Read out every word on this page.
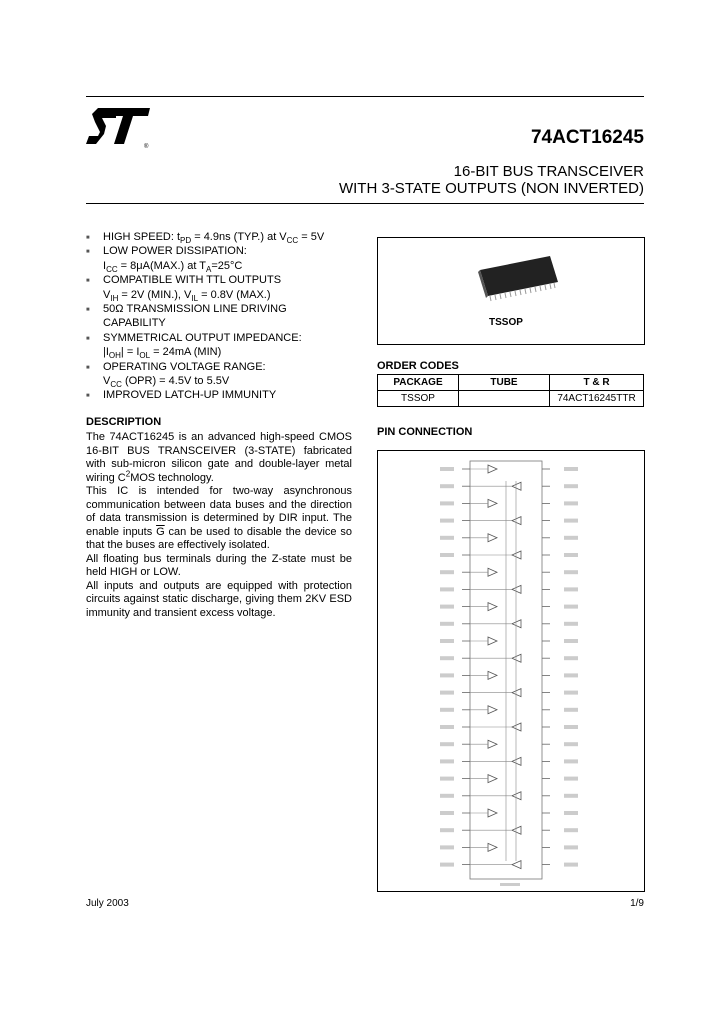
®	74ACT16245
16-BIT BUS TRANSCEIVER
WITH 3-STATE OUTPUTS (NON INVERTED)
■ HIGH SPEED: $t_{PD} = 4.9ns$ (TYP.) at $V_{CC} = 5V$
■ LOW POWER DISSIPATION:
$I_{CC} = 8\mu A(MAX.)$ at $T_A=25^\circ C$
■ COMPATIBLE WITH TTL OUTPUTS
$V_{IH} = 2V$ (MIN.), $V_{IL} = 0.8V$ (MAX.)
■ 50Ω TRANSMISSION LINE DRIVING
CAPABILITY
■ SYMMETRICAL OUTPUT IMPEDANCE:
$|I_{OH}| = I_{OL} = 24mA$ (MIN)
■ OPERATING VOLTAGE RANGE:
$V_{CC}$ (OPR) = 4.5V to 5.5V
■ IMPROVED LATCH-UP IMMUNITY
DESCRIPTION

The 74ACT16245 is an advanced high-speed CMOS 16-BIT BUS TRANSCEIVER (3-STATE) fabricated with sub-micron silicon gate and double-layer metal wiring $C^2MOS$ technology.

This IC is intended for two-way asynchronous communication between data buses and the direction of data transmission is determined by DIR input. The enable inputs $\overline{G}$ can be used to disable the device so that the buses are effectively isolated.

All floating bus terminals during the Z-state must be held HIGH or LOW.

All inputs and outputs are equipped with protection circuits against static discharge, giving them 2KV ESD immunity and transient excess voltage.

TSSOP
ORDER CODES
PACKAGE	TUBE	T & R
TSSOP		74ACT16245TTR
PIN CONNECTION
July 2003	1/9
